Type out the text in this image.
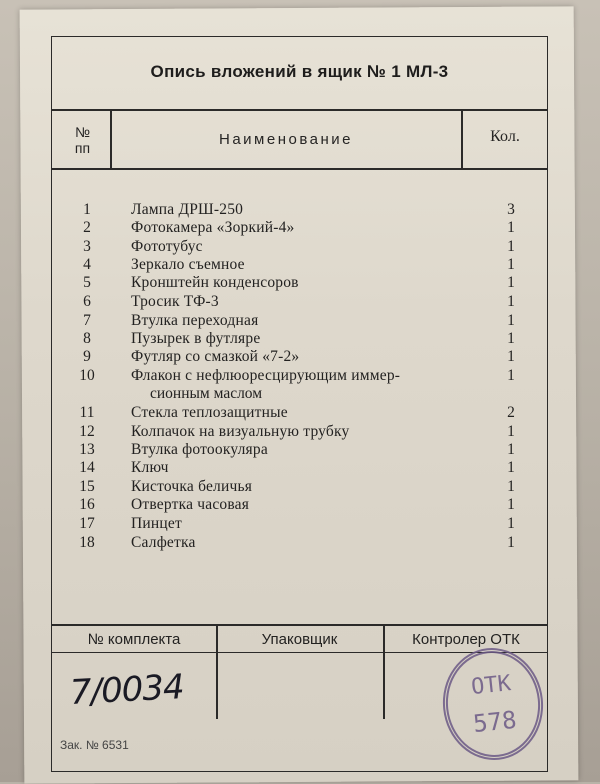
Опись вложений в ящик № 1 МЛ-3
№
пп	Наименование	Кол.
1	Лампа ДРШ-250	3
2	Фотокамера «Зоркий-4»	1
3	Фототубус	1
4	Зеркало съемное	1
5	Кронштейн конденсоров	1
6	Тросик ТФ-3	1
7	Втулка переходная	1
8	Пузырек в футляре	1
9	Футляр со смазкой «7-2»	1
10 Флакон с нефлюоресцирующим иммер-	1
сионным маслом
11 Стекла теплозащитные	2
12 Колпачок на визуальную трубку	1
13 Втулка фотоокуляра	1
14 Ключ	1
15 Кисточка беличья	1
16 Отвертка часовая	1
17 Пинцет	1
18 Салфетка	1
№ комплекта	Упаковщик	Контролер ОТК
7/0034
Зак. № 6531
ОТК
578
